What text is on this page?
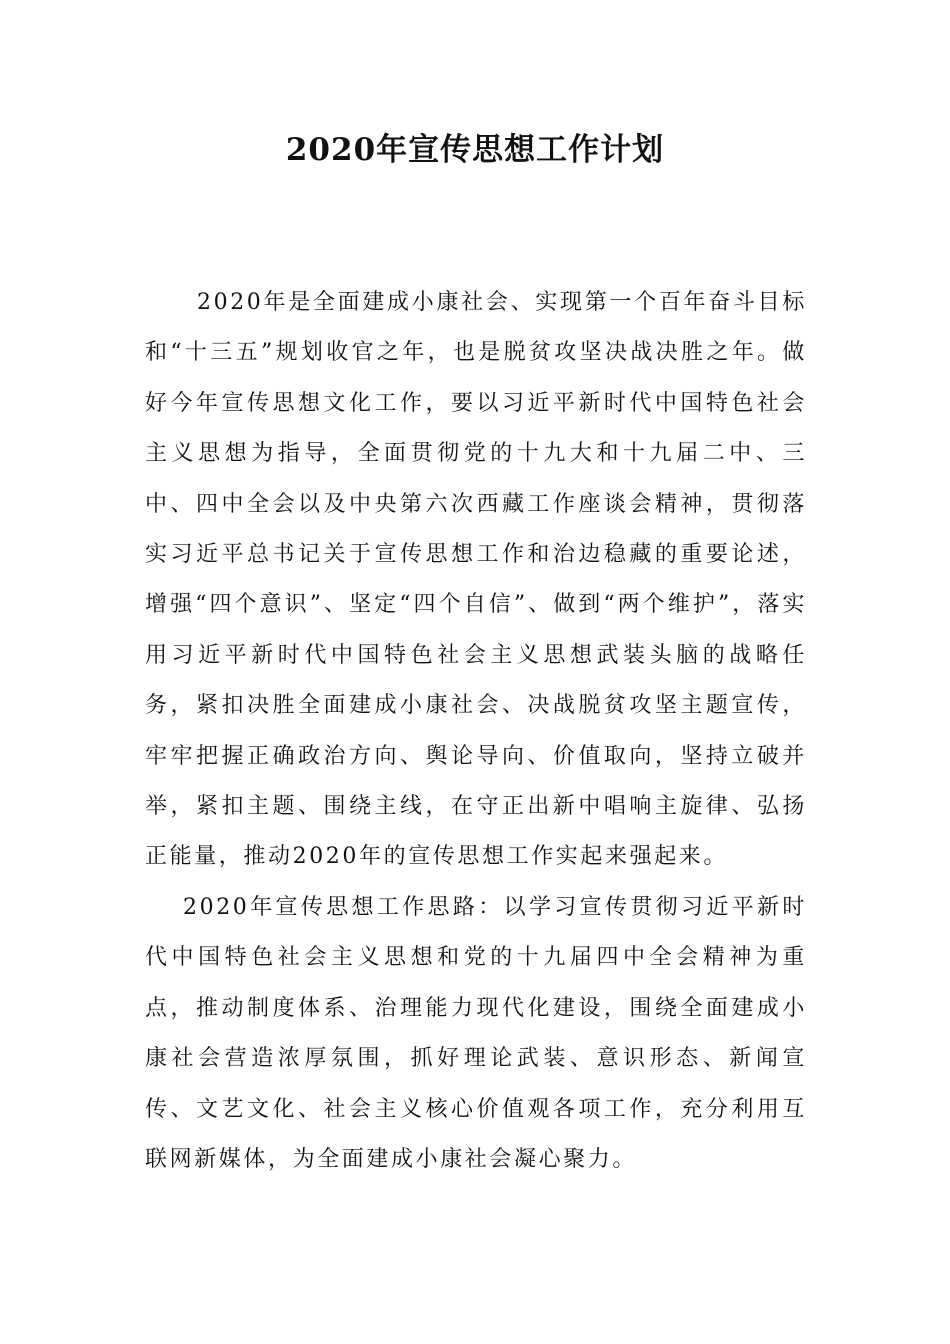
2020年宣传思想工作计划

2020年是全面建成小康社会、实现第一个百年奋斗目标和“十三五”规划收官之年，也是脱贫攻坚决战决胜之年。做好今年宣传思想文化工作，要以习近平新时代中国特色社会主义思想为指导，全面贯彻党的十九大和十九届二中、三中、四中全会以及中央第六次西藏工作座谈会精神，贯彻落实习近平总书记关于宣传思想工作和治边稳藏的重要论述，增强“四个意识”、坚定“四个自信”、做到“两个维护”，落实用习近平新时代中国特色社会主义思想武装头脑的战略任务，紧扣决胜全面建成小康社会、决战脱贫攻坚主题宣传，牢牢把握正确政治方向、舆论导向、价值取向，坚持立破并举，紧扣主题、围绕主线，在守正出新中唱响主旋律、弘扬正能量，推动2020年的宣传思想工作实起来强起来。

2020年宣传思想工作思路：以学习宣传贯彻习近平新时代中国特色社会主义思想和党的十九届四中全会精神为重点，推动制度体系、治理能力现代化建设，围绕全面建成小康社会营造浓厚氛围，抓好理论武装、意识形态、新闻宣传、文艺文化、社会主义核心价值观各项工作，充分利用互联网新媒体，为全面建成小康社会凝心聚力。
